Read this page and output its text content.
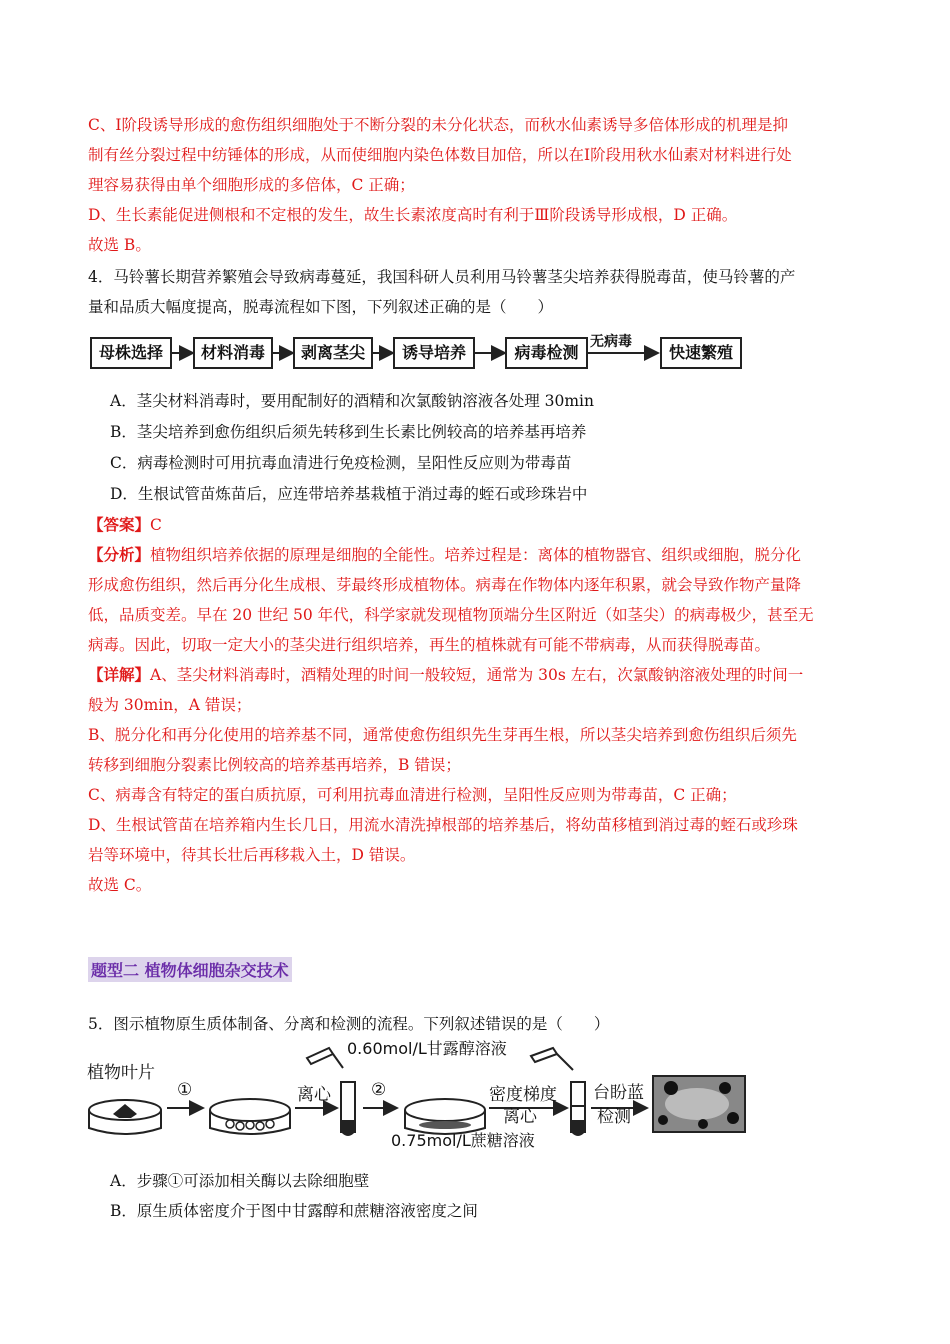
C、Ⅰ阶段诱导形成的愈伤组织细胞处于不断分裂的未分化状态，而秋水仙素诱导多倍体形成的机理是抑
制有丝分裂过程中纺锤体的形成，从而使细胞内染色体数目加倍，所以在Ⅰ阶段用秋水仙素对材料进行处
理容易获得由单个细胞形成的多倍体，C 正确；
D、生长素能促进侧根和不定根的发生，故生长素浓度高时有利于Ⅲ阶段诱导形成根，D 正确。
故选 B。
4．马铃薯长期营养繁殖会导致病毒蔓延，我国科研人员利用马铃薯茎尖培养获得脱毒苗，使马铃薯的产
量和品质大幅度提高，脱毒流程如下图，下列叙述正确的是（　　）
母株选择	材料消毒	剥离茎尖	诱导培养	病毒检测
无病毒
快速繁殖
A．茎尖材料消毒时，要用配制好的酒精和次氯酸钠溶液各处理 30min
B．茎尖培养到愈伤组织后须先转移到生长素比例较高的培养基再培养
C．病毒检测时可用抗毒血清进行免疫检测，呈阳性反应则为带毒苗
D．生根试管苗炼苗后，应连带培养基栽植于消过毒的蛭石或珍珠岩中
【答案】C
【分析】植物组织培养依据的原理是细胞的全能性。培养过程是：离体的植物器官、组织或细胞，脱分化
形成愈伤组织，然后再分化生成根、芽最终形成植物体。病毒在作物体内逐年积累，就会导致作物产量降
低，品质变差。早在 20 世纪 50 年代，科学家就发现植物顶端分生区附近（如茎尖）的病毒极少，甚至无
病毒。因此，切取一定大小的茎尖进行组织培养，再生的植株就有可能不带病毒，从而获得脱毒苗。
【详解】A、茎尖材料消毒时，酒精处理的时间一般较短，通常为 30s 左右，次氯酸钠溶液处理的时间一
般为 30min，A 错误；
B、脱分化和再分化使用的培养基不同，通常使愈伤组织先生芽再生根，所以茎尖培养到愈伤组织后须先
转移到细胞分裂素比例较高的培养基再培养，B 错误；
C、病毒含有特定的蛋白质抗原，可利用抗毒血清进行检测，呈阳性反应则为带毒苗，C 正确；
D、生根试管苗在培养箱内生长几日，用流水清洗掉根部的培养基后，将幼苗移植到消过毒的蛭石或珍珠
岩等环境中，待其长壮后再移栽入土，D 错误。
故选 C。
题型二 植物体细胞杂交技术
5．图示植物原生质体制备、分离和检测的流程。下列叙述错误的是（　　）
植物叶片
①	离心 ②
0.60mol/L甘露醇溶液
密度梯度
离心
0.75mol/L蔗糖溶液
台盼蓝
检测
A．步骤①可添加相关酶以去除细胞壁
B．原生质体密度介于图中甘露醇和蔗糖溶液密度之间
